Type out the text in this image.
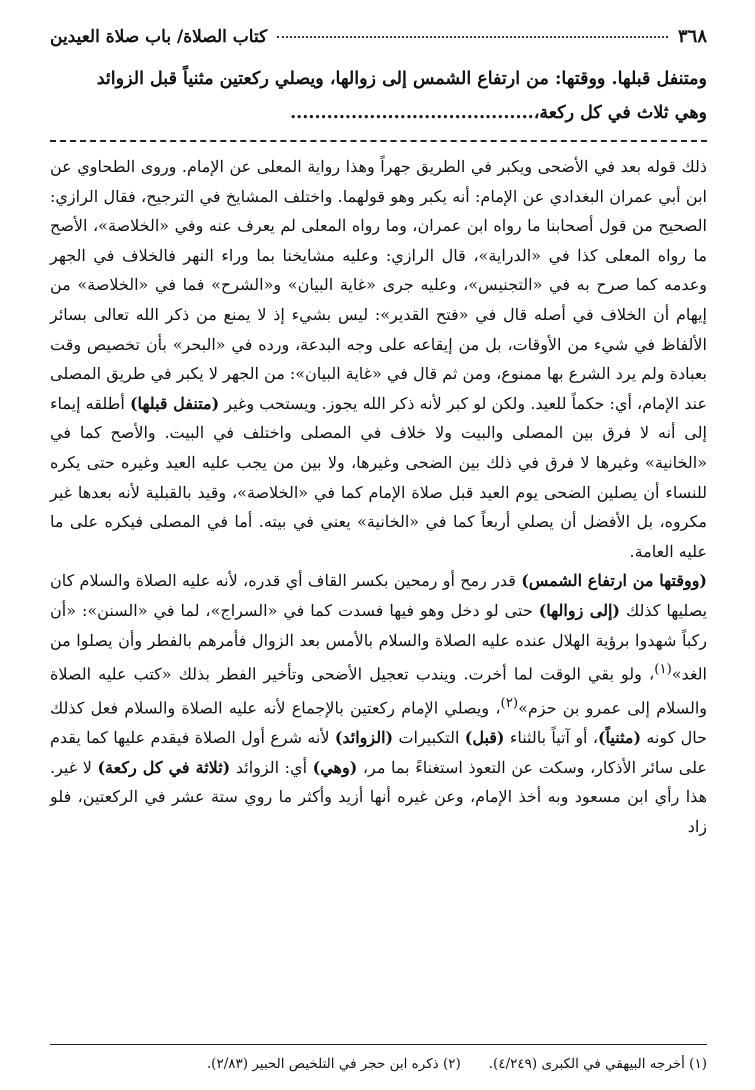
٣٦٨
كتاب الصلاة/ باب صلاة العيدين
ومتنفل قبلها. ووقتها: من ارتفاع الشمس إلى زوالها، ويصلي ركعتين مثنياً قبل الزوائد
وهي ثلاث في كل ركعة،........................................

ذلك قوله بعد في الأضحى ويكبر في الطريق جهراً وهذا رواية المعلى عن الإمام. وروى الطحاوي عن ابن أبي عمران البغدادي عن الإمام: أنه يكبر وهو قولهما. واختلف المشايخ في الترجيح، فقال الرازي: الصحيح من قول أصحابنا ما رواه ابن عمران، وما رواه المعلى لم يعرف عنه وفي «الخلاصة»، الأصح ما رواه المعلى كذا في «الدراية»، قال الرازي: وعليه مشايخنا بما وراء النهر فالخلاف في الجهر وعدمه كما صرح به في «التجنيس»، وعليه جرى «غاية البيان» و«الشرح» فما في «الخلاصة» من إيهام أن الخلاف في أصله قال في «فتح القدير»: ليس بشيء إذ لا يمنع من ذكر الله تعالى بسائر الألفاظ في شيء من الأوقات، بل من إيقاعه على وجه البدعة، ورده في «البحر» بأن تخصيص وقت بعبادة ولم يرد الشرع بها ممنوع، ومن ثم قال في «غاية البيان»: من الجهر لا يكبر في طريق المصلى عند الإمام، أي: حكماً للعيد. ولكن لو كبر لأنه ذكر الله يجوز. ويستحب وغير (متنفل قبلها) أطلقه إيماء إلى أنه لا فرق بين المصلى والبيت ولا خلاف في المصلى واختلف في البيت. والأصح كما في «الخانية» وغيرها لا فرق في ذلك بين الضحى وغيرها، ولا بين من يجب عليه العيد وغيره حتى يكره للنساء أن يصلين الضحى يوم العيد قبل صلاة الإمام كما في «الخلاصة»، وقيد بالقبلية لأنه بعدها غير مكروه، بل الأفضل أن يصلي أربعاً كما في «الخانية» يعني في بيته. أما في المصلى فيكره على ما عليه العامة.

(ووقتها من ارتفاع الشمس) قدر رمح أو رمحين بكسر القاف أي قدره، لأنه عليه الصلاة والسلام كان يصليها كذلك (إلى زوالها) حتى لو دخل وهو فيها فسدت كما في «السراج»، لما في «السنن»: «أن ركباً شهدوا برؤية الهلال عنده عليه الصلاة والسلام بالأمس بعد الزوال فأمرهم بالفطر وأن يصلوا من الغد»$^{(١)}$، ولو بقي الوقت لما أخرت. ويندب تعجيل الأضحى وتأخير الفطر بذلك «كتب عليه الصلاة والسلام إلى عمرو بن حزم»$^{(٢)}$، ويصلي الإمام ركعتين بالإجماع لأنه عليه الصلاة والسلام فعل كذلك حال كونه (مثنياً)، أو آتياً بالثناء (قبل) التكبيرات (الزوائد) لأنه شرع أول الصلاة فيقدم عليها كما يقدم على سائر الأذكار، وسكت عن التعوذ استغناءً بما مر، (وهي) أي: الزوائد (ثلاثة في كل ركعة) لا غير. هذا رأي ابن مسعود وبه أخذ الإمام، وعن غيره أنها أزيد وأكثر ما روي ستة عشر في الركعتين، فلو زاد

(١) أخرجه البيهقي في الكبرى (٤/٢٤٩).
(٢) ذكره ابن حجر في التلخيص الحبير (٢/٨٣).
